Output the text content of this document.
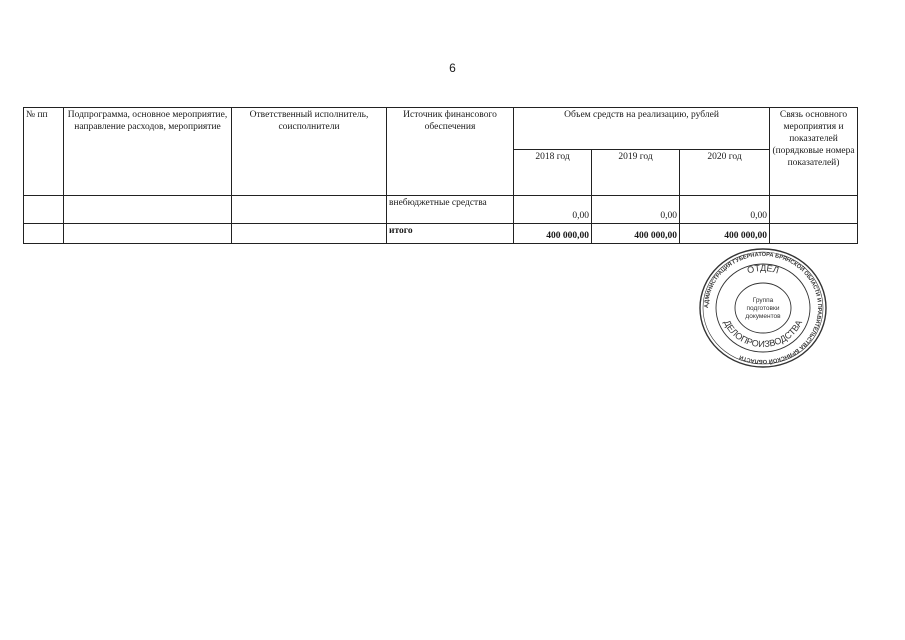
6
№ пп	Подпрограмма, основное мероприятие, направление расходов, мероприятие	Ответственный исполнитель, соисполнители	Источник финансового обеспечения	Объем средств на реализацию, рублей			Связь основного мероприятия и показателей (порядковые номера показателей)
				2018 год	2019 год	2020 год	
			внебюджетные средства	0,00	0,00	0,00	
			итого	400 000,00	400 000,00	400 000,00	
АДМИНИСТРАЦИЯ ГУБЕРНАТОРА БРЯНСКОЙ ОБЛАСТИ И ПРАВИТЕЛЬСТВА БРЯНСКОЙ ОБЛАСТИ
ОТДЕЛ
ДЕЛОПРОИЗВОДСТВА
Группа
подготовки
документов
